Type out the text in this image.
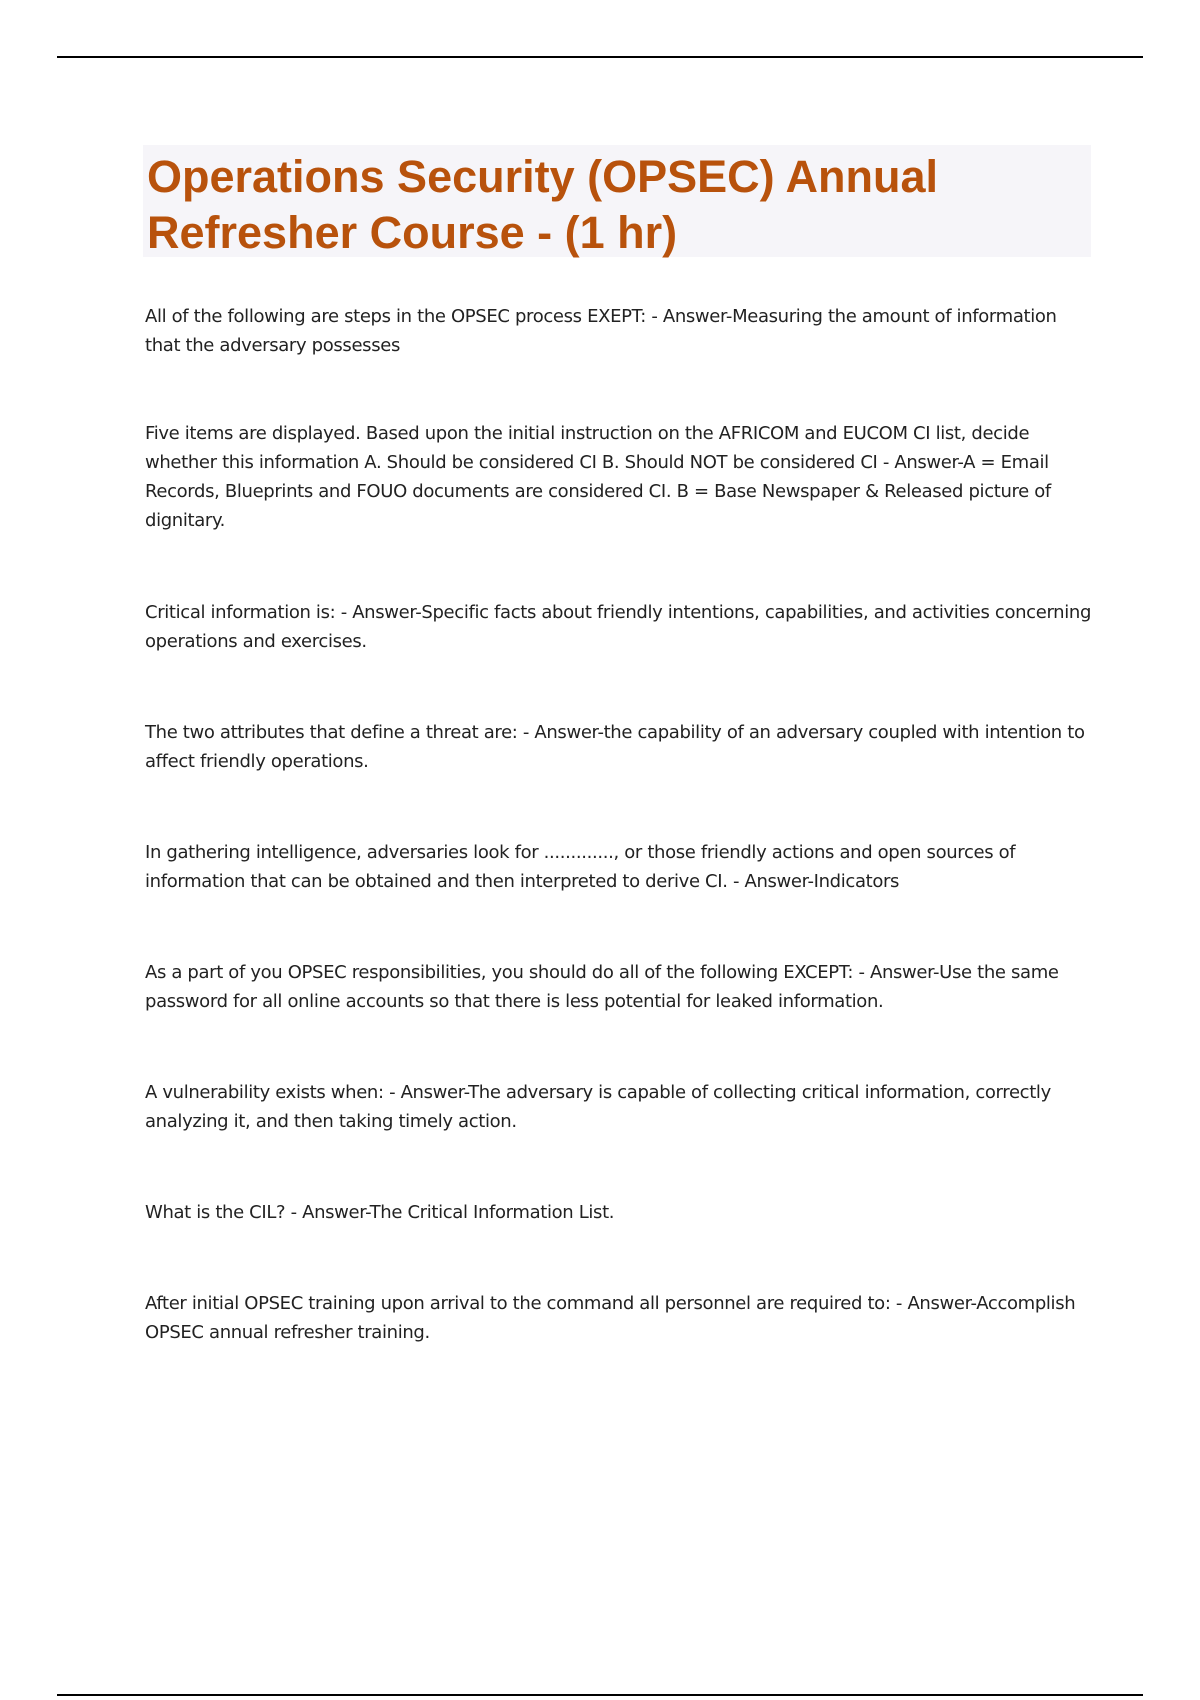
Operations Security (OPSEC) Annual Refresher Course - (1 hr)

All of the following are steps in the OPSEC process EXEPT: - Answer-Measuring the amount of information that the adversary possesses

Five items are displayed. Based upon the initial instruction on the AFRICOM and EUCOM CI list, decide whether this information A. Should be considered CI B. Should NOT be considered CI - Answer-A = Email Records, Blueprints and FOUO documents are considered CI. B = Base Newspaper & Released picture of dignitary.

Critical information is: - Answer-Specific facts about friendly intentions, capabilities, and activities concerning operations and exercises.

The two attributes that define a threat are: - Answer-the capability of an adversary coupled with intention to affect friendly operations.

In gathering intelligence, adversaries look for ............., or those friendly actions and open sources of information that can be obtained and then interpreted to derive CI. - Answer-Indicators

As a part of you OPSEC responsibilities, you should do all of the following EXCEPT: - Answer-Use the same password for all online accounts so that there is less potential for leaked information.

A vulnerability exists when: - Answer-The adversary is capable of collecting critical information, correctly analyzing it, and then taking timely action.

What is the CIL? - Answer-The Critical Information List.

After initial OPSEC training upon arrival to the command all personnel are required to: - Answer-Accomplish OPSEC annual refresher training.
